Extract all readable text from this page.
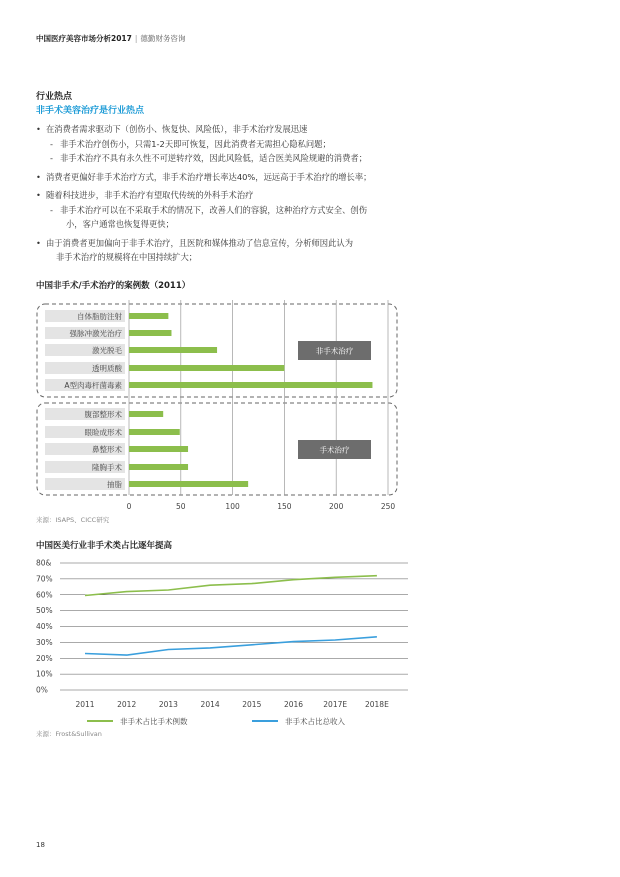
中国医疗美容市场分析2017 | 德勤财务咨询
行业热点
非手术美容治疗是行业热点
• 在消费者需求驱动下（创伤小、恢复快、风险低），非手术治疗发展迅速
- 非手术治疗创伤小，只需1-2天即可恢复，因此消费者无需担心隐私问题；
- 非手术治疗不具有永久性不可逆转疗效，因此风险低，适合医美风险规避的消费者；
• 消费者更偏好非手术治疗方式，非手术治疗增长率达40%，远远高于手术治疗的增长率；
• 随着科技进步，非手术治疗有望取代传统的外科手术治疗
- 非手术治疗可以在不采取手术的情况下，改善人们的容貌，这种治疗方式安全、创伤
小，客户通常也恢复得更快；
• 由于消费者更加偏向于非手术治疗，且医院和媒体推动了信息宣传，分析师因此认为
非手术治疗的规模将在中国持续扩大；
中国非手术/手术治疗的案例数（2011）
0	50	100	150	200	250
自体脂肪注射
强脉冲激光治疗
激光脱毛
透明质酸
A型肉毒杆菌毒素
腹部整形术
眼睑成形术
鼻整形术
隆胸手术
抽脂
非手术治疗
手术治疗
来源：ISAPS、CICC研究
中国医美行业非手术类占比逐年提高
0%
10%
20%
30%
40%
50%
60%
70%
80&
2011	2012	2013	2014	2015	2016	2017E 2018E
非手术占比手术例数	非手术占比总收入
来源：Frost&Sullivan
18
